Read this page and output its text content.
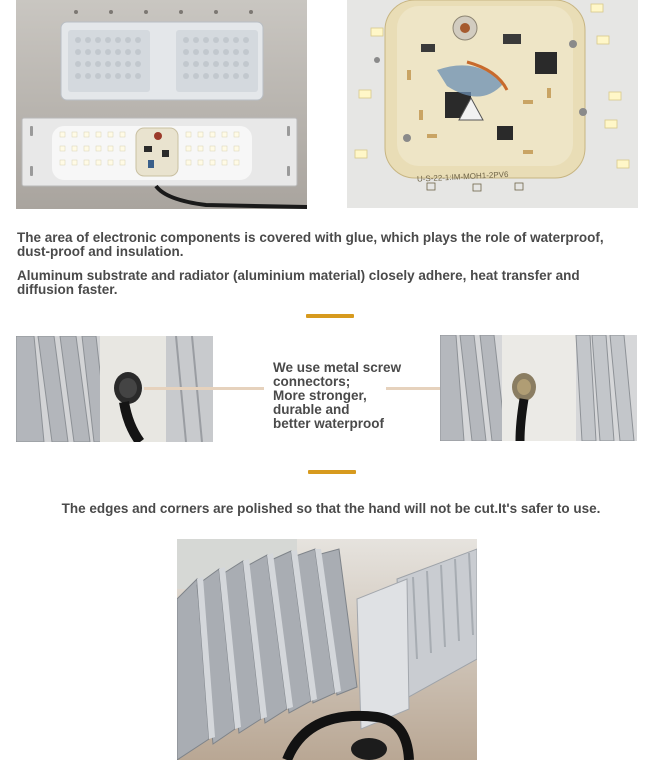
U-S-22-1:IM-MOH1-2PV6
The area of electronic components is covered with glue, which plays the role of waterproof, dust-proof and insulation.
Aluminum substrate and radiator (aluminium material) closely adhere, heat transfer and diffusion faster.
We use metal screw
connectors;
More stronger,
durable and
better waterproof
The edges and corners are polished so that the hand will not be cut.It's safer to use.
